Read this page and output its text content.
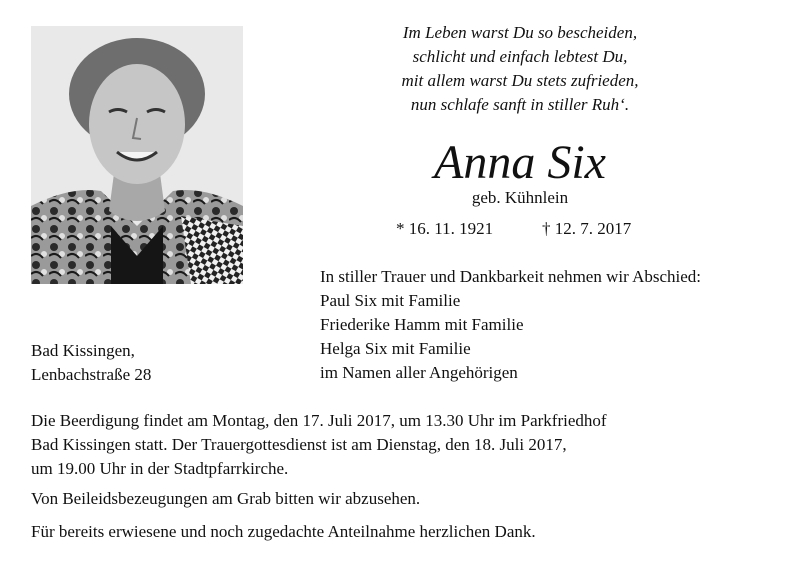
Im Leben warst Du so bescheiden,
schlicht und einfach lebtest Du,
mit allem warst Du stets zufrieden,
nun schlafe sanft in stiller Ruh‘.
Anna Six
geb. Kühnlein
* 16. 11. 1921	† 12. 7. 2017
In stiller Trauer und Dankbarkeit nehmen wir Abschied:
Paul Six mit Familie
Friederike Hamm mit Familie
Helga Six mit Familie
im Namen aller Angehörigen
Bad Kissingen,
Lenbachstraße 28
Die Beerdigung findet am Montag, den 17. Juli 2017, um 13.30 Uhr im Parkfriedhof
Bad Kissingen statt. Der Trauergottesdienst ist am Dienstag, den 18. Juli 2017,
um 19.00 Uhr in der Stadtpfarrkirche.
Von Beileidsbezeugungen am Grab bitten wir abzusehen.
Für bereits erwiesene und noch zugedachte Anteilnahme herzlichen Dank.
